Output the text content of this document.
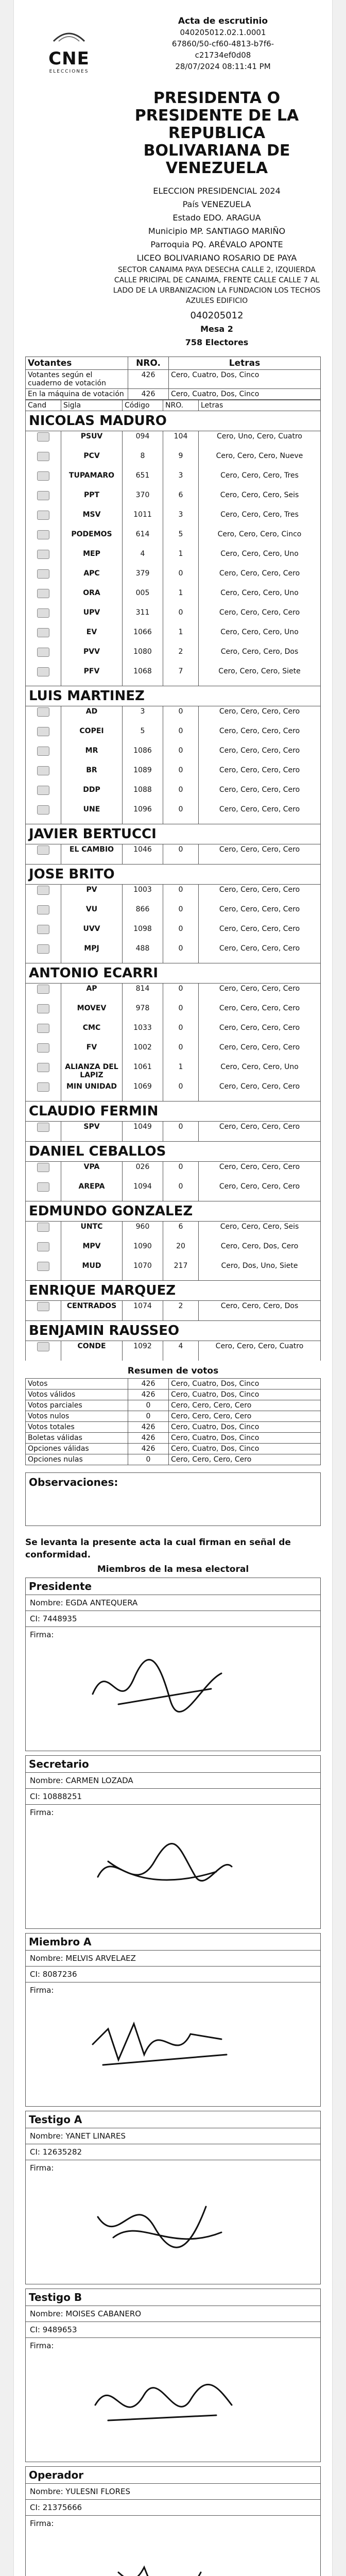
CNE
ELECCIONES
Acta de escrutinio
040205012.02.1.0001
67860/50-cf60-4813-b7f6-
c21734ef0d08
28/07/2024 08:11:41 PM
PRESIDENTA O PRESIDENTE DE LA REPUBLICA BOLIVARIANA DE VENEZUELA
ELECCION PRESIDENCIAL 2024
País VENEZUELA
Estado EDO. ARAGUA
Municipio MP. SANTIAGO MARIÑO
Parroquia PQ. ARÉVALO APONTE
LICEO BOLIVARIANO ROSARIO DE PAYA
SECTOR CANAIMA PAYA DESECHA CALLE 2, IZQUIERDA CALLE PRICIPAL DE CANAIMA, FRENTE CALLE CALLE 7 AL LADO DE LA URBANIZACION LA FUNDACION LOS TECHOS AZULES EDIFICIO
040205012
Mesa 2
758 Electores
Votantes	NRO.	Letras
Votantes según el cuaderno de votación	426	Cero, Cuatro, Dos, Cinco
En la máquina de votación	426	Cero, Cuatro, Dos, Cinco
Cand	Sigla	Código	NRO.	Letras
NICOLAS MADURO				
	PSUV	094	104	Cero, Uno, Cero, Cuatro
	PCV	8	9	Cero, Cero, Cero, Nueve
	TUPAMARO	651	3	Cero, Cero, Cero, Tres
	PPT	370	6	Cero, Cero, Cero, Seis
	MSV	1011	3	Cero, Cero, Cero, Tres
	PODEMOS	614	5	Cero, Cero, Cero, Cinco
	MEP	4	1	Cero, Cero, Cero, Uno
	APC	379	0	Cero, Cero, Cero, Cero
	ORA	005	1	Cero, Cero, Cero, Uno
	UPV	311	0	Cero, Cero, Cero, Cero
	EV	1066	1	Cero, Cero, Cero, Uno
	PVV	1080	2	Cero, Cero, Cero, Dos
	PFV	1068	7	Cero, Cero, Cero, Siete
LUIS MARTINEZ				
	AD	3	0	Cero, Cero, Cero, Cero
	COPEI	5	0	Cero, Cero, Cero, Cero
	MR	1086	0	Cero, Cero, Cero, Cero
	BR	1089	0	Cero, Cero, Cero, Cero
	DDP	1088	0	Cero, Cero, Cero, Cero
	UNE	1096	0	Cero, Cero, Cero, Cero
JAVIER BERTUCCI				
	EL CAMBIO	1046	0	Cero, Cero, Cero, Cero
JOSE BRITO				
	PV	1003	0	Cero, Cero, Cero, Cero
	VU	866	0	Cero, Cero, Cero, Cero
	UVV	1098	0	Cero, Cero, Cero, Cero
	MPJ	488	0	Cero, Cero, Cero, Cero
ANTONIO ECARRI				
	AP	814	0	Cero, Cero, Cero, Cero
	MOVEV	978	0	Cero, Cero, Cero, Cero
	CMC	1033	0	Cero, Cero, Cero, Cero
	FV	1002	0	Cero, Cero, Cero, Cero
	ALIANZA DEL LAPIZ	1061	1	Cero, Cero, Cero, Uno
	MIN UNIDAD	1069	0	Cero, Cero, Cero, Cero
CLAUDIO FERMIN				
	SPV	1049	0	Cero, Cero, Cero, Cero
DANIEL CEBALLOS				
	VPA	026	0	Cero, Cero, Cero, Cero
	AREPA	1094	0	Cero, Cero, Cero, Cero
EDMUNDO GONZALEZ				
	UNTC	960	6	Cero, Cero, Cero, Seis
	MPV	1090	20	Cero, Cero, Dos, Cero
	MUD	1070	217	Cero, Dos, Uno, Siete
ENRIQUE MARQUEZ				
	CENTRADOS	1074	2	Cero, Cero, Cero, Dos
BENJAMIN RAUSSEO				
	CONDE	1092	4	Cero, Cero, Cero, Cuatro
Resumen de votos
Votos	426	Cero, Cuatro, Dos, Cinco
Votos válidos	426	Cero, Cuatro, Dos, Cinco
Votos parciales	0	Cero, Cero, Cero, Cero
Votos nulos	0	Cero, Cero, Cero, Cero
Votos totales	426	Cero, Cuatro, Dos, Cinco
Boletas válidas	426	Cero, Cuatro, Dos, Cinco
Opciones válidas	426	Cero, Cuatro, Dos, Cinco
Opciones nulas	0	Cero, Cero, Cero, Cero
Observaciones:
Se levanta la presente acta la cual firman en señal de conformidad.
Miembros de la mesa electoral
Presidente
Nombre: EGDA ANTEQUERA
CI: 7448935
Firma:
Secretario
Nombre: CARMEN LOZADA
CI: 10888251
Firma:
Miembro A
Nombre: MELVIS ARVELAEZ
CI: 8087236
Firma:
Testigo A
Nombre: YANET LINARES
CI: 12635282
Firma:
Testigo B
Nombre: MOISES CABANERO
CI: 9489653
Firma:
Operador
Nombre: YULESNI FLORES
CI: 21375666
Firma:
